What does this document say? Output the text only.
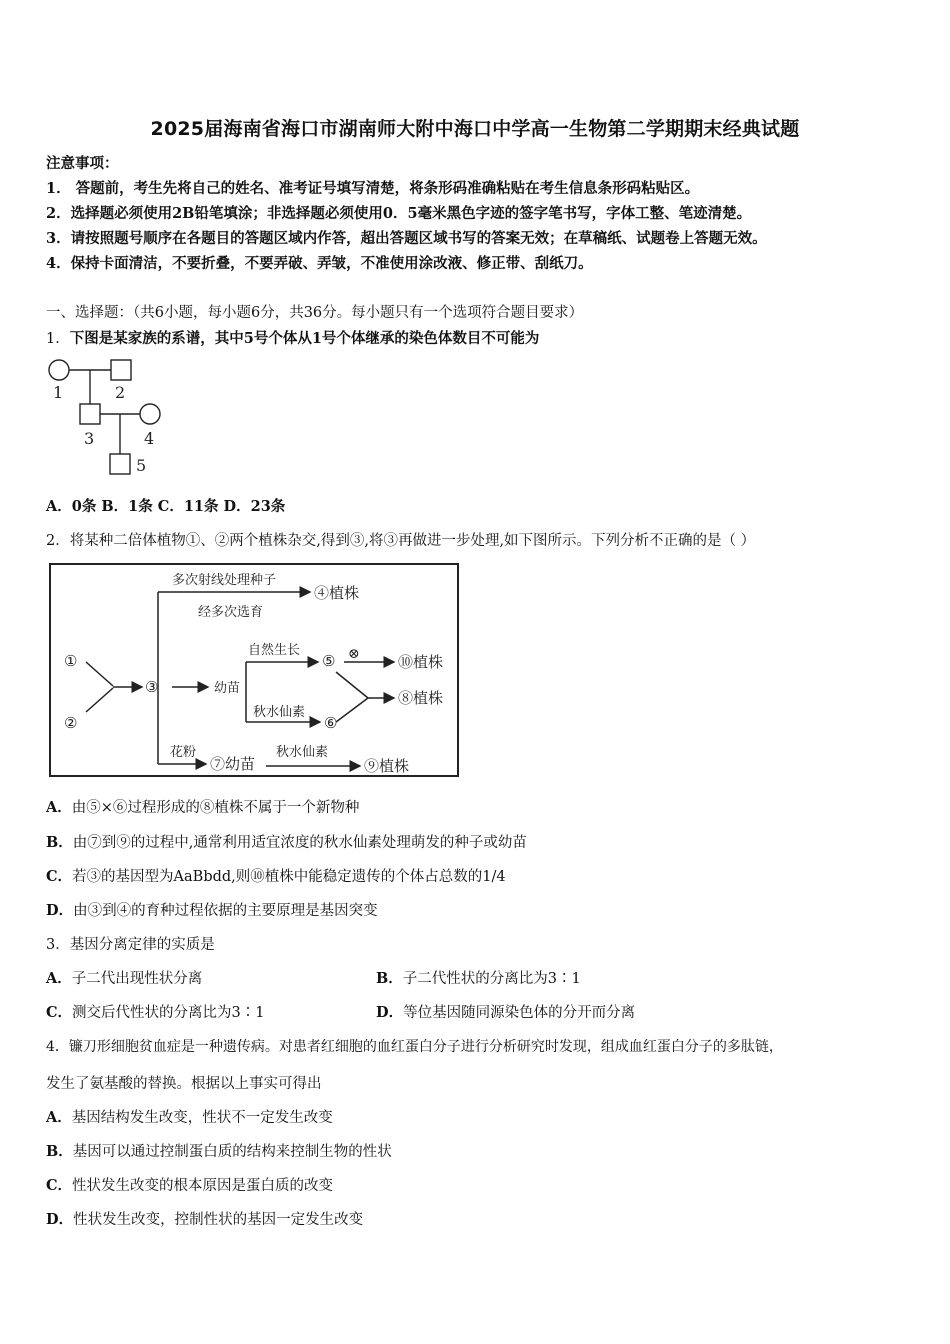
2025届海南省海口市湖南师大附中海口中学高一生物第二学期期末经典试题
注意事项：
1． 答题前，考生先将自己的姓名、准考证号填写清楚，将条形码准确粘贴在考生信息条形码粘贴区。
2．选择题必须使用2B铅笔填涂；非选择题必须使用0．5毫米黑色字迹的签字笔书写，字体工整、笔迹清楚。
3．请按照题号顺序在各题目的答题区域内作答，超出答题区域书写的答案无效；在草稿纸、试题卷上答题无效。
4．保持卡面清洁，不要折叠，不要弄破、弄皱，不准使用涂改液、修正带、刮纸刀。
一、选择题：（共6小题，每小题6分，共36分。每小题只有一个选项符合题目要求）
1．下图是某家族的系谱，其中5号个体从1号个体继承的染色体数目不可能为
1	2
3	4
5
A．0条 B．1条 C．11条 D．23条
2．将某种二倍体植物①、②两个植株杂交,得到③,将③再做进一步处理,如下图所示。下列分析不正确的是（ ）
①
②
③
多次射线处理种子
经多次选育
④植株
幼苗
自然生长
⑤ ⊗	⑩植株
⑧植株
秋水仙素
⑥
花粉
⑦幼苗
秋水仙素
⑨植株
A．由⑤×⑥过程形成的⑧植株不属于一个新物种
B．由⑦到⑨的过程中,通常利用适宜浓度的秋水仙素处理萌发的种子或幼苗
C．若③的基因型为AaBbdd,则⑩植株中能稳定遗传的个体占总数的1/4
D．由③到④的育种过程依据的主要原理是基因突变
3．基因分离定律的实质是
A．子二代出现性状分离	B．子二代性状的分离比为3∶1
C．测交后代性状的分离比为3∶1	D．等位基因随同源染色体的分开而分离
4．镰刀形细胞贫血症是一种遗传病。对患者红细胞的血红蛋白分子进行分析研究时发现，组成血红蛋白分子的多肽链，
发生了氨基酸的替换。根据以上事实可得出
A．基因结构发生改变，性状不一定发生改变
B．基因可以通过控制蛋白质的结构来控制生物的性状
C．性状发生改变的根本原因是蛋白质的改变
D．性状发生改变，控制性状的基因一定发生改变
